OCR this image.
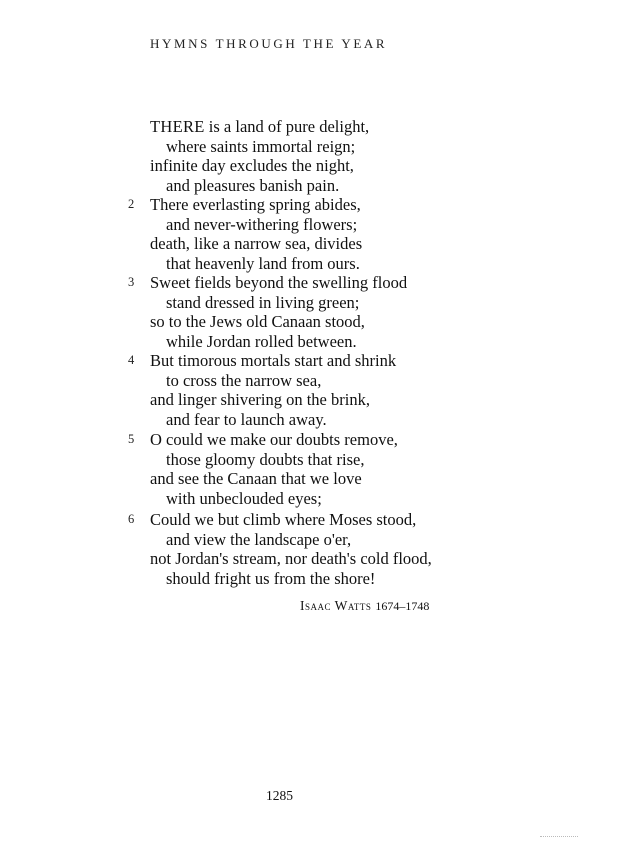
HYMNS THROUGH THE YEAR
THERE is a land of pure delight,
where saints immortal reign;
infinite day excludes the night,
and pleasures banish pain.
2 There everlasting spring abides,
and never-withering flowers;
death, like a narrow sea, divides
that heavenly land from ours.
3 Sweet fields beyond the swelling flood
stand dressed in living green;
so to the Jews old Canaan stood,
while Jordan rolled between.
4 But timorous mortals start and shrink
to cross the narrow sea,
and linger shivering on the brink,
and fear to launch away.
5 O could we make our doubts remove,
those gloomy doubts that rise,
and see the Canaan that we love
with unbeclouded eyes;
6 Could we but climb where Moses stood,
and view the landscape o'er,
not Jordan's stream, nor death's cold flood,
should fright us from the shore!
Isaac Watts 1674–1748
1285
